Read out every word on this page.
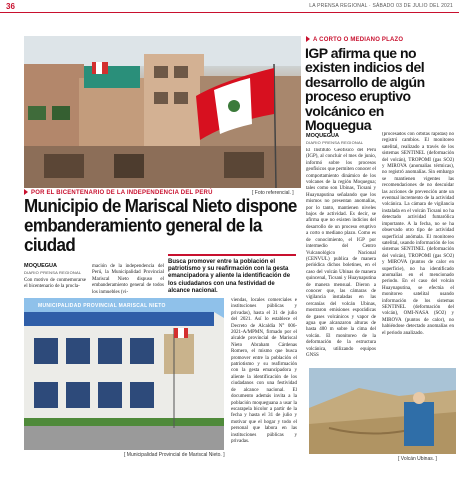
36	LA PRENSA REGIONAL · SÁBADO 03 DE JULIO DEL 2021
[ Foto referencial. ]
POR EL BICENTENARIO DE LA INDEPENDENCIA DEL PERÚ
Municipio de Mariscal Nieto dispone embanderamiento general de la ciudad
MOQUEGUA
DIARIO PRENSA REGIONAL

Con motivo de conmemorarse el bicentenario de la procla-

mación de la independencia del Perú, la Municipalidad Provincial Mariscal Nieto dispuso el embanderamiento general de todos los inmuebles (vi-

Busca promover entre la población el patriotismo y su reafirmación con la gesta emancipadora y aliente la identificación de los ciudadanos con una festividad de alcance nacional.

viendas, locales comerciales e instituciones públicas y privadas), hasta el 31 de julio del 2021. Así lo establece el Decreto de Alcaldía N° 006-2021-A/MPMN, firmado por el alcalde provincial de Mariscal Nieto Abraham Cárdenas Romero, el mismo que busca promover entre la población el patriotismo y su reafirmación con la gesta emancipadora y aliente la identificación de los ciudadanos con una festividad de alcance nacional. El documento además invita a la población moqueguana a usar la escarapela bicolor a partir de la fecha y hasta el 31 de julio y motivar que el hogar y todo el personal que labora en las instituciones públicas y privadas.

MUNICIPALIDAD PROVINCIAL MARISCAL NIETO
[ Municipalidad Provincial de Mariscal Nieto. ]
A CORTO O MEDIANO PLAZO
IGP afirma que no existen indicios del desarrollo de algún proceso eruptivo volcánico en Moquegua
MOQUEGUA
DIARIO PRENSA REGIONAL

El Instituto Geofísico del Perú (IGP), al concluir el mes de junio, informó sobre los procesos geofísicos que permiten conocer el comportamiento dinámico de los volcanes de la región Moquegua; tales como son Ubinas, Ticsani y Huaynaputina señalando que los mismos no presentan anomalías, por lo tanto, mantienen niveles bajos de actividad. Es decir, se afirma que no existen indicios del desarrollo de un proceso eruptivo a corto o mediano plazo. Como es de conocimiento, el IGP por intermedio del Centro Vulcanológico Nacional (CENVUL) publica de manera periódica dichos boletines, en el caso del volcán Ubinas de manera quincenal, Ticsani y Huaynaputina de manera mensual. Dieron a conocer que, las cámaras de vigilancia instaladas en las cercanías del volcán Ubinas, mostraron emisiones esporádicas de gases volcánicos y vapor de agua que alcanzaron alturas de hasta 400 m sobre la cima del volcán. El monitoreo de la deformación de la estructura volcánica, utilizando equipos GNSS

(procesados con órbitas rápidas) no registró cambios. El monitoreo satelital, realizado a través de los sistemas SENTINEL (deformación del volcán), TROPOMI (gas SO2) y MIROVA (anomalías térmicas), no registró anomalías. Sin embargo se mantienen vigentes las recomendaciones de no descuidar las acciones de prevención ante un eventual incremento de la actividad volcánica. La cámara de vigilancia instalada en el volcán Ticsani no ha detectado actividad fumarólica importante. A la fecha, no se ha observado otro tipo de actividad superficial anómala. El monitoreo satelital, usando información de los sistemas SENTINEL (deformación del volcán), TROPOMI (gas SO2) y MIROVA (puntos de calor en superficie), no ha identificado anomalías en el mencionado periodo. En el caso del volcán Huaynaputina, se efectúa el monitoreo satelital usando información de los sistemas SENTINEL (deformación del volcán), OMI-NASA (SO2) y MIROVA (puntos de calor), no habiéndose detectado anomalías en el periodo analizado.

[ Volcán Ubinas. ]
